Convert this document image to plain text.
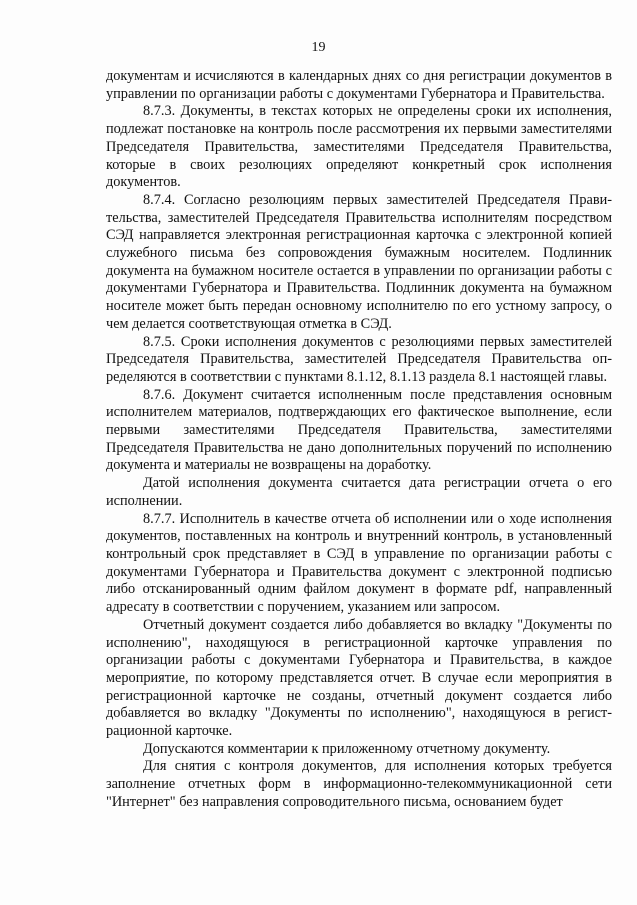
19

документам и исчисляются в календарных днях со дня регистрации документов в управлении по организации работы с документами Губернатора и Правительства.

8.7.3. Документы, в текстах которых не определены сроки их исполнения, подлежат постановке на контроль после рассмотрения их первыми заместителями Председателя Правительства, заместителями Председателя Правительства, которые в своих резолюциях определяют конкретный срок исполнения документов.

8.7.4. Согласно резолюциям первых заместителей Председателя Правительства, заместителей Председателя Правительства исполнителям посредством СЭД направляется электронная регистрационная карточка с электронной копией служебного письма без сопровождения бумажным носителем. Подлинник документа на бумажном носителе остается в управлении по организации работы с документами Губернатора и Правительства. Подлинник документа на бумажном носителе может быть передан основному исполнителю по его устному запросу, о чем делается соответствующая отметка в СЭД.

8.7.5. Сроки исполнения документов с резолюциями первых заместителей Председателя Правительства, заместителей Председателя Правительства определяются в соответствии с пунктами 8.1.12, 8.1.13 раздела 8.1 настоящей главы.

8.7.6. Документ считается исполненным после представления основным исполнителем материалов, подтверждающих его фактическое выполнение, если первыми заместителями Председателя Правительства, заместителями Председателя Правительства не дано дополнительных поручений по исполнению документа и материалы не возвращены на доработку.

Датой исполнения документа считается дата регистрации отчета о его исполнении.

8.7.7. Исполнитель в качестве отчета об исполнении или о ходе исполнения документов, поставленных на контроль и внутренний контроль, в установленный контрольный срок представляет в СЭД в управление по организации работы с документами Губернатора и Правительства документ с электронной подписью либо отсканированный одним файлом документ в формате pdf, направленный адресату в соответствии с поручением, указанием или запросом.

Отчетный документ создается либо добавляется во вкладку "Документы по исполнению", находящуюся в регистрационной карточке управления по организации работы с документами Губернатора и Правительства, в каждое мероприятие, по которому представляется отчет. В случае если мероприятия в регистрационной карточке не созданы, отчетный документ создается либо добавляется во вкладку "Документы по исполнению", находящуюся в регистрационной карточке.

Допускаются комментарии к приложенному отчетному документу.

Для снятия с контроля документов, для исполнения которых требуется заполнение отчетных форм в информационно-телекоммуникационной сети "Интернет" без направления сопроводительного письма, основанием будет
